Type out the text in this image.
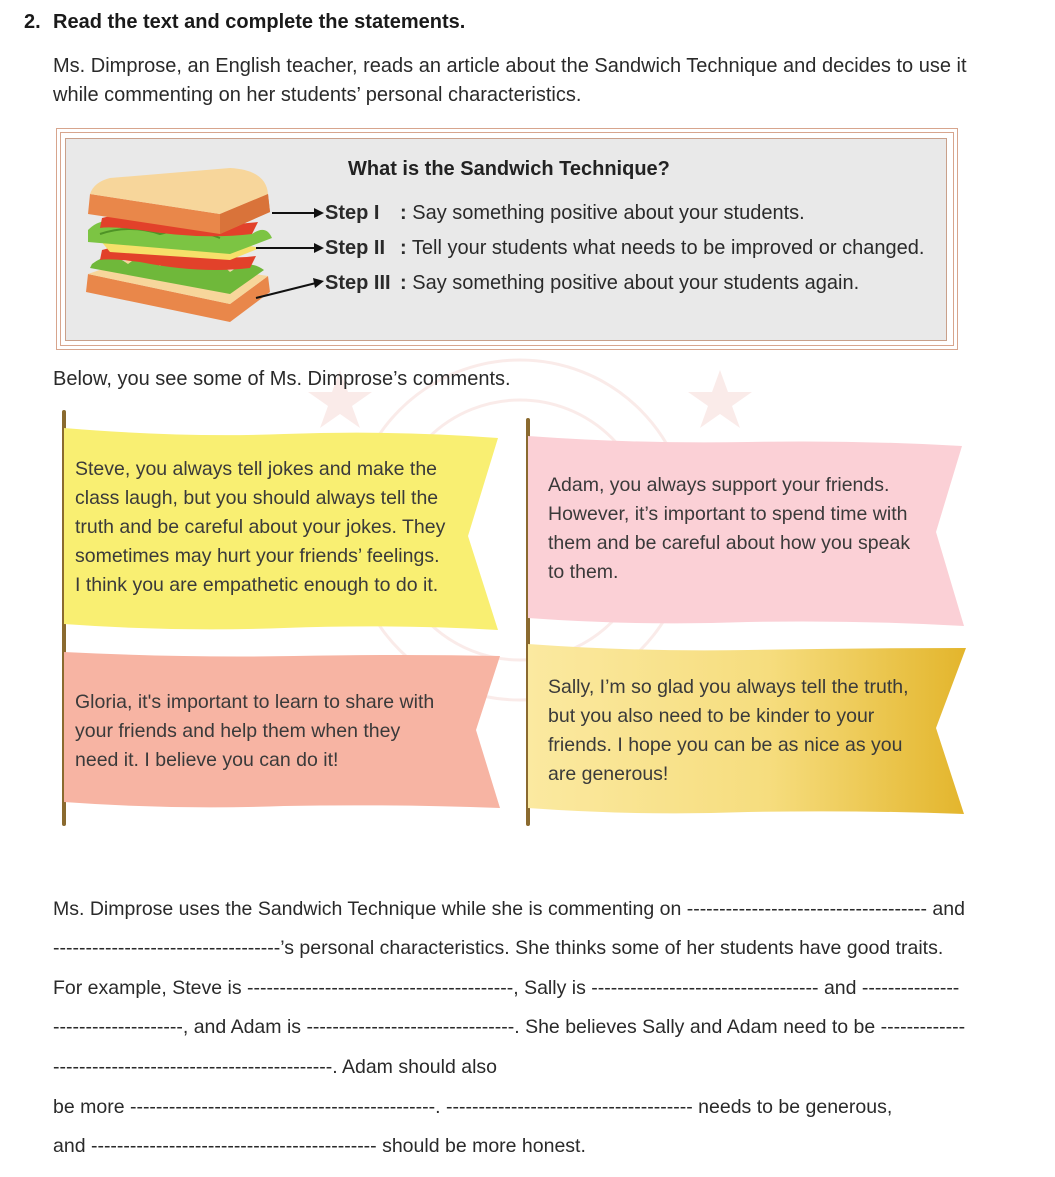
2. Read the text and complete the statements.
Ms. Dimprose, an English teacher, reads an article about the Sandwich Technique and decides to use it
while commenting on her students’ personal characteristics.
What is the Sandwich Technique?
Step I : Say something positive about your students.
Step II : Tell your students what needs to be improved or changed.
Step III : Say something positive about your students again.
Below, you see some of Ms. Dimprose’s comments.
Steve, you always tell jokes and make the
class laugh, but you should always tell the
truth and be careful about your jokes. They
sometimes may hurt your friends’ feelings.
I think you are empathetic enough to do it.
Adam, you always support your friends.
However, it’s important to spend time with
them and be careful about how you speak
to them.
Gloria, it's important to learn to share with
your friends and help them when they
need it. I believe you can do it!
Sally, I’m so glad you always tell the truth,
but you also need to be kinder to your
friends. I hope you can be as nice as you
are generous!
Ms. Dimprose uses the Sandwich Technique while she is commenting on ------------------------------------- and
-----------------------------------’s personal characteristics. She thinks some of her students have good traits.
For example, Steve is -----------------------------------------, Sally is ----------------------------------- and ---------------
--------------------, and Adam is --------------------------------. She believes Sally and Adam need to be -------------
-------------------------------------------. Adam should also
be more -----------------------------------------------. -------------------------------------- needs to be generous,
and -------------------------------------------- should be more honest.
